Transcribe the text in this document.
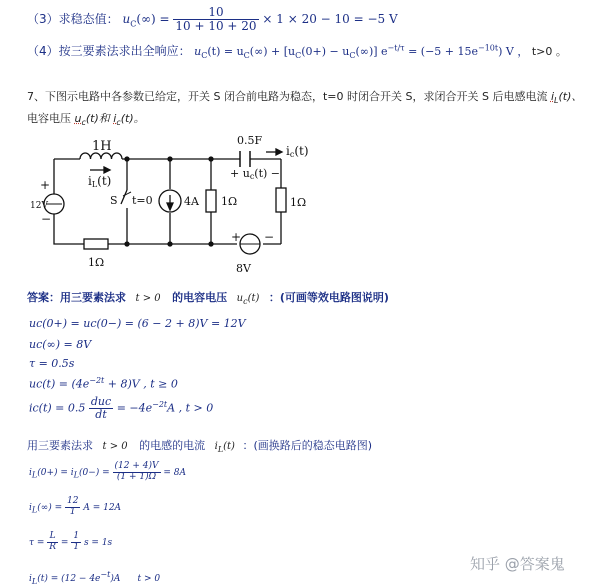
（3）求稳态值： $u_C(\infty) = \frac{10}{10 + 10 + 20} \times 1 \times 20 - 10 = -5$ V
（4）按三要素法求出全响应： $u_C(t) = u_C(\infty) + [u_C(0+) - u_C(\infty)] e^{-t/\tau} = (-5 + 15e^{-10t})$ V ， t>0 。
7、下图示电路中各参数已给定，开关 S 闭合前电路为稳态，t=0 时闭合开关 S，求闭合开关 S 后电感电流 $i_L(t)$、
电容电压 $u_c(t)$和 $i_c(t)$。
1H
iL(t)
+
12V
−
S t=0	4A 1Ω	1Ω
1Ω
0.5F
+ uc(t) −
ic(t)
+ −
8V
答案：用三要素法求 t > 0 的电容电压 $u_c(t)$ ：(可画等效电路图说明)
uc(0+) = uc(0−) = (6 − 2 + 8)V = 12V
uc(∞) = 8V
τ = 0.5s
$uc(t) = (4e^{-2t} + 8)V$ , t ≥ 0
$ic(t) = 0.5 \frac{\text{duc}}{dt} = -4e^{-2t}A$ , t > 0
用三要素法求 t > 0 的电感的电流 $i_L(t)$ ：(画换路后的稳态电路图)
$i_L(0+) = i_L(0-) = \frac{(12 + 4)V}{(1 + 1)\Omega} = 8A$
$i_L(\infty) = \frac{12}{1}$ A = 12A
$\tau = \frac{L}{R} = \frac{1}{1}$ s = 1s
$i_L(t) = (12 - 4e^{-t})A$      t > 0
知乎 @答案鬼
